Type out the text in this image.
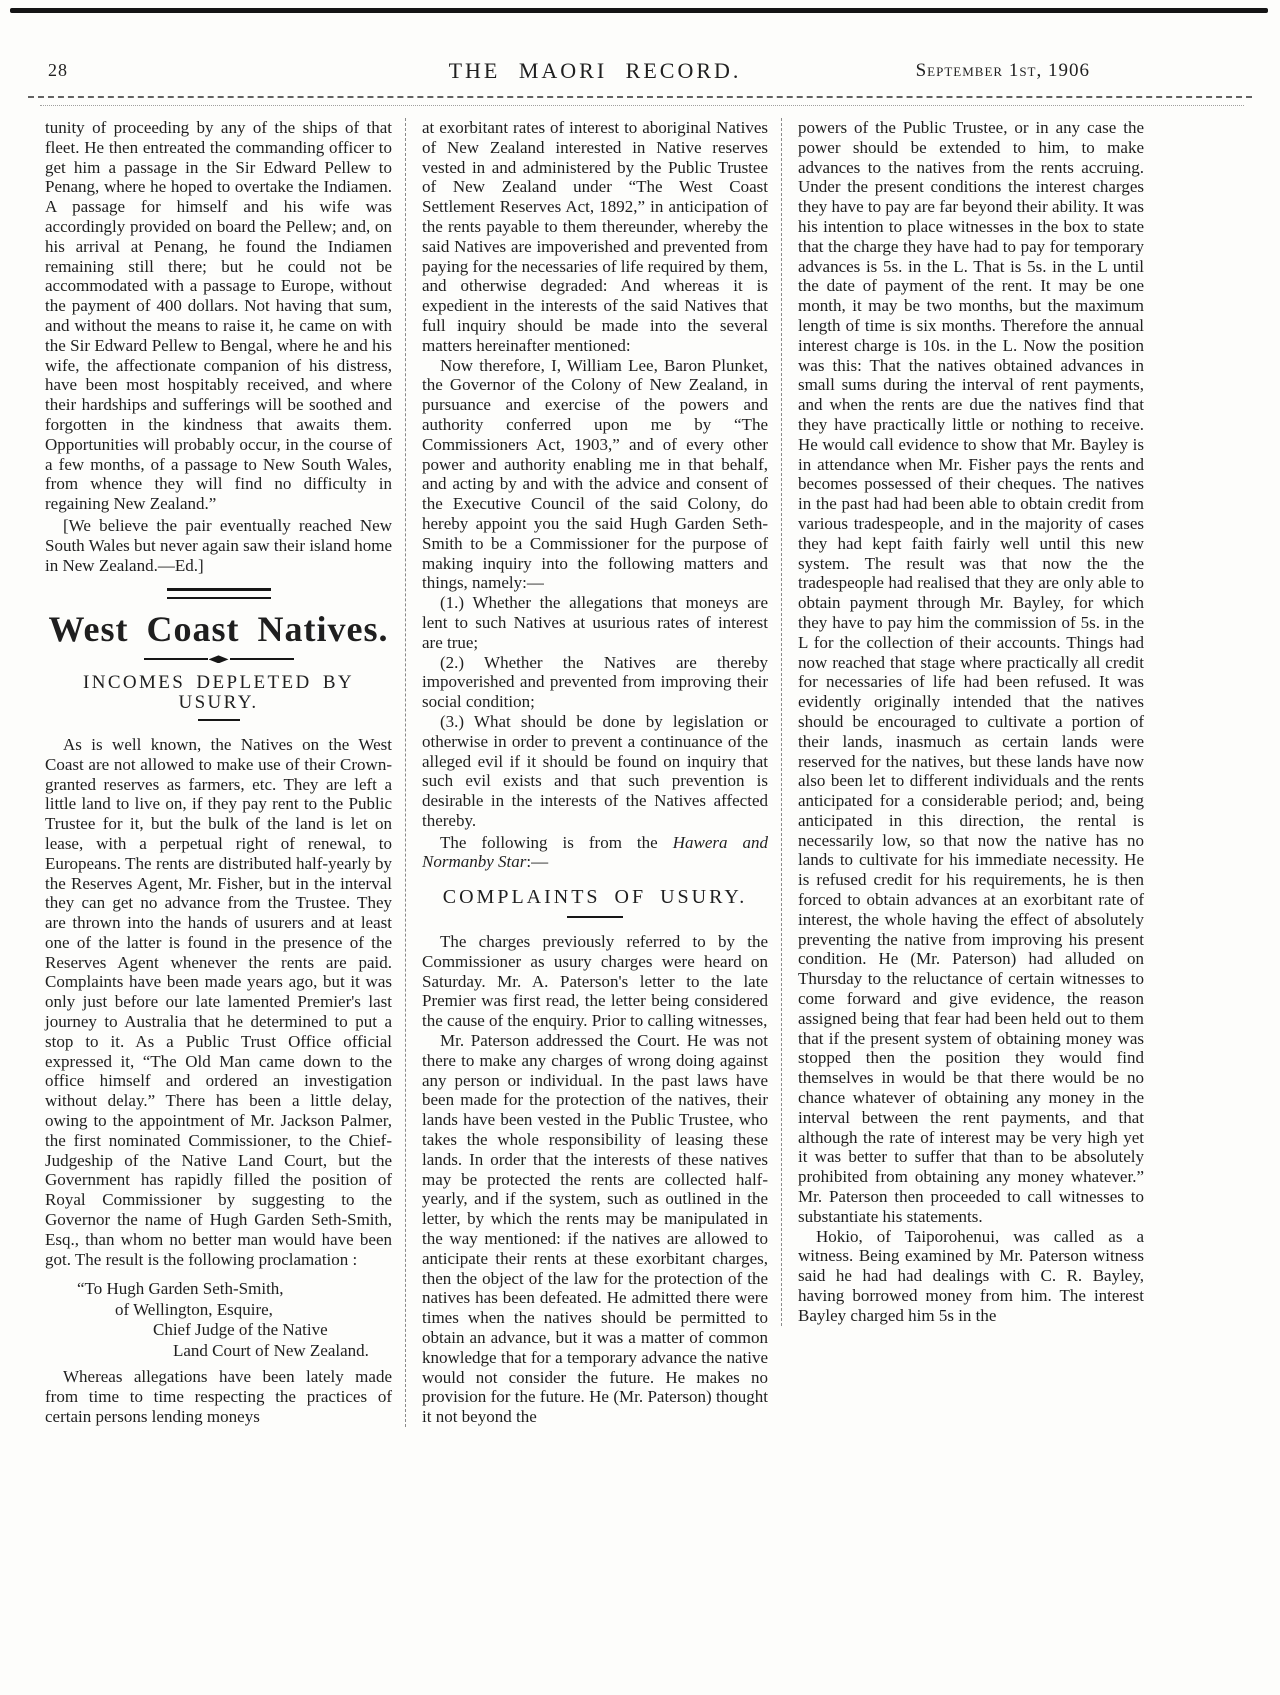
28	THE MAORI RECORD.	September 1st, 1906

tunity of proceeding by any of the ships of that fleet. He then entreated the commanding officer to get him a passage in the Sir Edward Pellew to Penang, where he hoped to overtake the Indiamen. A passage for himself and his wife was accordingly provided on board the Pellew; and, on his arrival at Penang, he found the Indiamen remaining still there; but he could not be accommodated with a passage to Europe, without the payment of 400 dollars. Not having that sum, and without the means to raise it, he came on with the Sir Edward Pellew to Bengal, where he and his wife, the affectionate companion of his distress, have been most hospitably received, and where their hardships and sufferings will be soothed and forgotten in the kindness that awaits them. Opportunities will probably occur, in the course of a few months, of a passage to New South Wales, from whence they will find no difficulty in regaining New Zealand.”

[We believe the pair eventually reached New South Wales but never again saw their island home in New Zealand.—Ed.]

West Coast Natives.
INCOMES DEPLETED BY USURY.

As is well known, the Natives on the West Coast are not allowed to make use of their Crown-granted reserves as farmers, etc. They are left a little land to live on, if they pay rent to the Public Trustee for it, but the bulk of the land is let on lease, with a perpetual right of renewal, to Europeans. The rents are distributed half-yearly by the Reserves Agent, Mr. Fisher, but in the interval they can get no advance from the Trustee. They are thrown into the hands of usurers and at least one of the latter is found in the presence of the Reserves Agent whenever the rents are paid. Complaints have been made years ago, but it was only just before our late lamented Premier's last journey to Australia that he determined to put a stop to it. As a Public Trust Office official expressed it, “The Old Man came down to the office himself and ordered an investigation without delay.” There has been a little delay, owing to the appointment of Mr. Jackson Palmer, the first nominated Commissioner, to the Chief-Judgeship of the Native Land Court, but the Government has rapidly filled the position of Royal Commissioner by suggesting to the Governor the name of Hugh Garden Seth-Smith, Esq., than whom no better man would have been got. The result is the following proclamation :

“To Hugh Garden Seth-Smith,
of Wellington, Esquire,
Chief Judge of the Native
Land Court of New Zealand.

Whereas allegations have been lately made from time to time respecting the practices of certain persons lending moneys

at exorbitant rates of interest to aboriginal Natives of New Zealand interested in Native reserves vested in and administered by the Public Trustee of New Zealand under “The West Coast Settlement Reserves Act, 1892,” in anticipation of the rents payable to them thereunder, whereby the said Natives are impoverished and prevented from paying for the necessaries of life required by them, and otherwise degraded: And whereas it is expedient in the interests of the said Natives that full inquiry should be made into the several matters hereinafter mentioned:

Now therefore, I, William Lee, Baron Plunket, the Governor of the Colony of New Zealand, in pursuance and exercise of the powers and authority conferred upon me by “The Commissioners Act, 1903,” and of every other power and authority enabling me in that behalf, and acting by and with the advice and consent of the Executive Council of the said Colony, do hereby appoint you the said Hugh Garden Seth-Smith to be a Commissioner for the purpose of making inquiry into the following matters and things, namely:—

(1.) Whether the allegations that moneys are lent to such Natives at usurious rates of interest are true;

(2.) Whether the Natives are thereby impoverished and prevented from improving their social condition;

(3.) What should be done by legislation or otherwise in order to prevent a continuance of the alleged evil if it should be found on inquiry that such evil exists and that such prevention is desirable in the interests of the Natives affected thereby.

The following is from the Hawera and Normanby Star:—

COMPLAINTS OF USURY.

The charges previously referred to by the Commissioner as usury charges were heard on Saturday. Mr. A. Paterson's letter to the late Premier was first read, the letter being considered the cause of the enquiry. Prior to calling witnesses,

Mr. Paterson addressed the Court. He was not there to make any charges of wrong doing against any person or individual. In the past laws have been made for the protection of the natives, their lands have been vested in the Public Trustee, who takes the whole responsibility of leasing these lands. In order that the interests of these natives may be protected the rents are collected half-yearly, and if the system, such as outlined in the letter, by which the rents may be manipulated in the way mentioned: if the natives are allowed to anticipate their rents at these exorbitant charges, then the object of the law for the protection of the natives has been defeated. He admitted there were times when the natives should be permitted to obtain an advance, but it was a matter of common knowledge that for a temporary advance the native would not consider the future. He makes no provision for the future. He (Mr. Paterson) thought it not beyond the

powers of the Public Trustee, or in any case the power should be extended to him, to make advances to the natives from the rents accruing. Under the present conditions the interest charges they have to pay are far beyond their ability. It was his intention to place witnesses in the box to state that the charge they have had to pay for temporary advances is 5s. in the L. That is 5s. in the L until the date of payment of the rent. It may be one month, it may be two months, but the maximum length of time is six months. Therefore the annual interest charge is 10s. in the L. Now the position was this: That the natives obtained advances in small sums during the interval of rent payments, and when the rents are due the natives find that they have practically little or nothing to receive. He would call evidence to show that Mr. Bayley is in attendance when Mr. Fisher pays the rents and becomes possessed of their cheques. The natives in the past had had been able to obtain credit from various tradespeople, and in the majority of cases they had kept faith fairly well until this new system. The result was that now the the tradespeople had realised that they are only able to obtain payment through Mr. Bayley, for which they have to pay him the commission of 5s. in the L for the collection of their accounts. Things had now reached that stage where practically all credit for necessaries of life had been refused. It was evidently originally intended that the natives should be encouraged to cultivate a portion of their lands, inasmuch as certain lands were reserved for the natives, but these lands have now also been let to different individuals and the rents anticipated for a considerable period; and, being anticipated in this direction, the rental is necessarily low, so that now the native has no lands to cultivate for his immediate necessity. He is refused credit for his requirements, he is then forced to obtain advances at an exorbitant rate of interest, the whole having the effect of absolutely preventing the native from improving his present condition. He (Mr. Paterson) had alluded on Thursday to the reluctance of certain witnesses to come forward and give evidence, the reason assigned being that fear had been held out to them that if the present system of obtaining money was stopped then the position they would find themselves in would be that there would be no chance whatever of obtaining any money in the interval between the rent payments, and that although the rate of interest may be very high yet it was better to suffer that than to be absolutely prohibited from obtaining any money whatever.” Mr. Paterson then proceeded to call witnesses to substantiate his statements.

Hokio, of Taiporohenui, was called as a witness. Being examined by Mr. Paterson witness said he had had dealings with C. R. Bayley, having borrowed money from him. The interest Bayley charged him 5s in the
